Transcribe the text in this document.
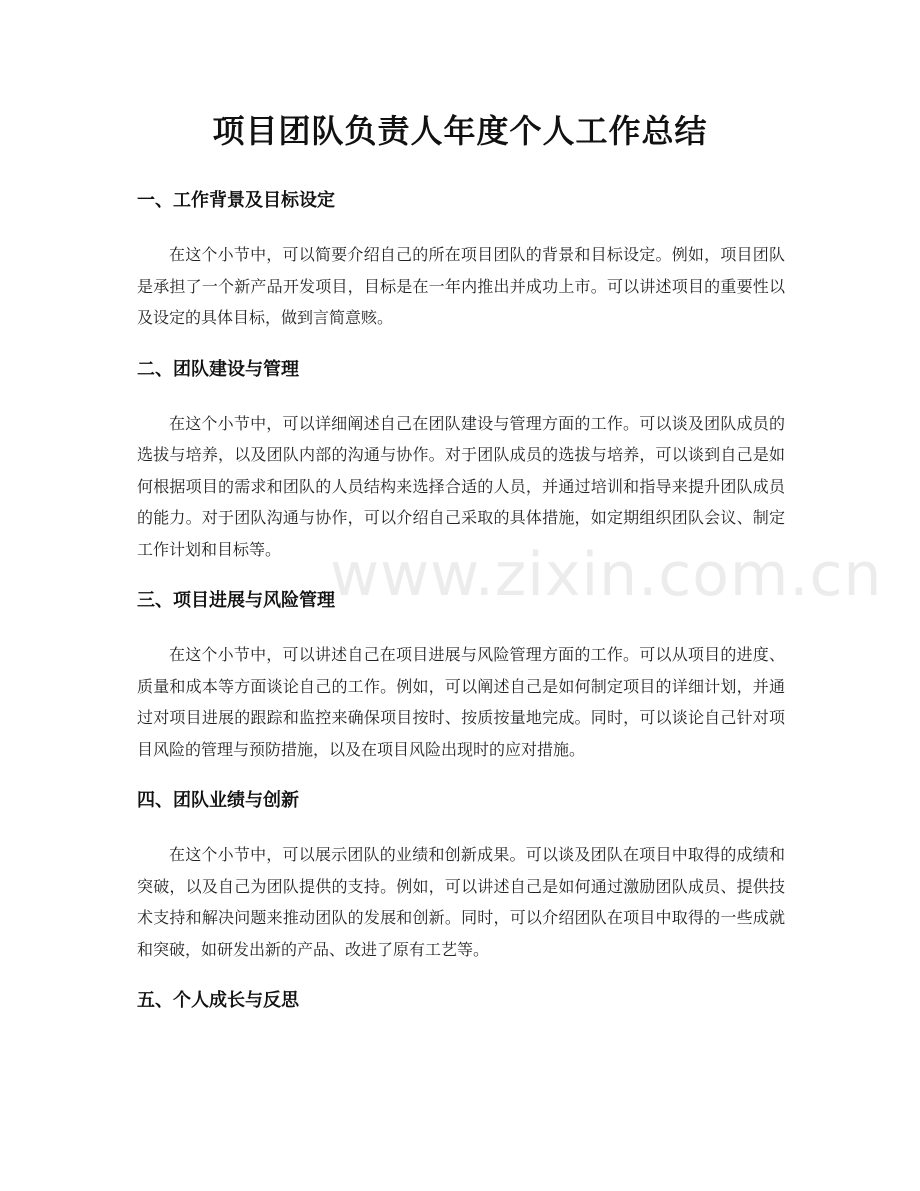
项目团队负责人年度个人工作总结
一、工作背景及目标设定

在这个小节中，可以简要介绍自己的所在项目团队的背景和目标设定。例如，项目团队是承担了一个新产品开发项目，目标是在一年内推出并成功上市。可以讲述项目的重要性以及设定的具体目标，做到言简意赅。

二、团队建设与管理

在这个小节中，可以详细阐述自己在团队建设与管理方面的工作。可以谈及团队成员的选拔与培养，以及团队内部的沟通与协作。对于团队成员的选拔与培养，可以谈到自己是如何根据项目的需求和团队的人员结构来选择合适的人员，并通过培训和指导来提升团队成员的能力。对于团队沟通与协作，可以介绍自己采取的具体措施，如定期组织团队会议、制定工作计划和目标等。

三、项目进展与风险管理

在这个小节中，可以讲述自己在项目进展与风险管理方面的工作。可以从项目的进度、质量和成本等方面谈论自己的工作。例如，可以阐述自己是如何制定项目的详细计划，并通过对项目进展的跟踪和监控来确保项目按时、按质按量地完成。同时，可以谈论自己针对项目风险的管理与预防措施，以及在项目风险出现时的应对措施。

四、团队业绩与创新

在这个小节中，可以展示团队的业绩和创新成果。可以谈及团队在项目中取得的成绩和突破，以及自己为团队提供的支持。例如，可以讲述自己是如何通过激励团队成员、提供技术支持和解决问题来推动团队的发展和创新。同时，可以介绍团队在项目中取得的一些成就和突破，如研发出新的产品、改进了原有工艺等。

五、个人成长与反思
www.zixin.com.cn
